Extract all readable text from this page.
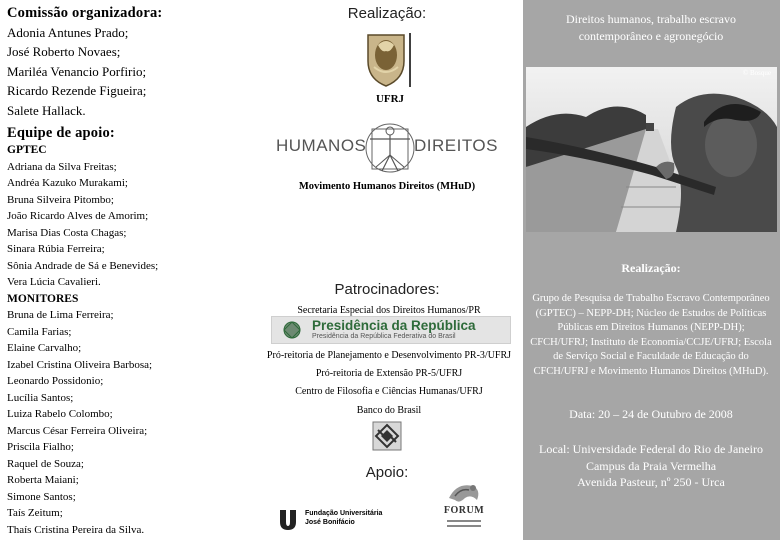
Comissão organizadora:
Adonia Antunes Prado;
José Roberto Novaes;
Mariléa Venancio Porfirio;
Ricardo Rezende Figueira;
Salete Hallack.
Equipe de apoio:
GPTEC
Adriana da Silva Freitas;
Andréa Kazuko Murakami;
Bruna Silveira Pitombo;
João Ricardo Alves de Amorim;
Marisa Dias Costa Chagas;
Sinara Rúbia Ferreira;
Sônia Andrade de Sá e Benevides;
Vera Lúcia Cavalieri.
MONITORES
Bruna de Lima Ferreira;
Camila Farias;
Elaine Carvalho;
Izabel Cristina Oliveira Barbosa;
Leonardo Possidonio;
Lucília Santos;
Luiza Rabelo Colombo;
Marcus César Ferreira Oliveira;
Priscila Fialho;
Raquel de Souza;
Roberta Maiani;
Simone Santos;
Taís Zeitum;
Thaís Cristina Pereira da Silva.
Realização:
UFRJ
HUMANOS	DIREITOS
Movimento Humanos Direitos (MHuD)
Patrocinadores:
Secretaria Especial dos Direitos Humanos/PR
Presidência da República
Presidência da República Federativa do Brasil
Pró-reitoria de Planejamento e Desenvolvimento PR-3/UFRJ
Pró-reitoria de Extensão PR-5/UFRJ
Centro de Filosofia e Ciências Humanas/UFRJ
Banco do Brasil
Apoio:
Fundação Universitária
José Bonifácio
FORUM
Direitos humanos, trabalho escravo contemporâneo e agronegócio
© Bosque
Realização:
Grupo de Pesquisa de Trabalho Escravo Contemporâneo (GPTEC) – NEPP-DH; Núcleo de Estudos de Políticas Públicas em Direitos Humanos (NEPP-DH); CFCH/UFRJ; Instituto de Economia/CCJE/UFRJ; Escola de Serviço Social e Faculdade de Educação do CFCH/UFRJ e Movimento Humanos Direitos (MHuD).
Data: 20 – 24 de Outubro de 2008
Local: Universidade Federal do Rio de Janeiro
Campus da Praia Vermelha
Avenida Pasteur, nº 250 - Urca
